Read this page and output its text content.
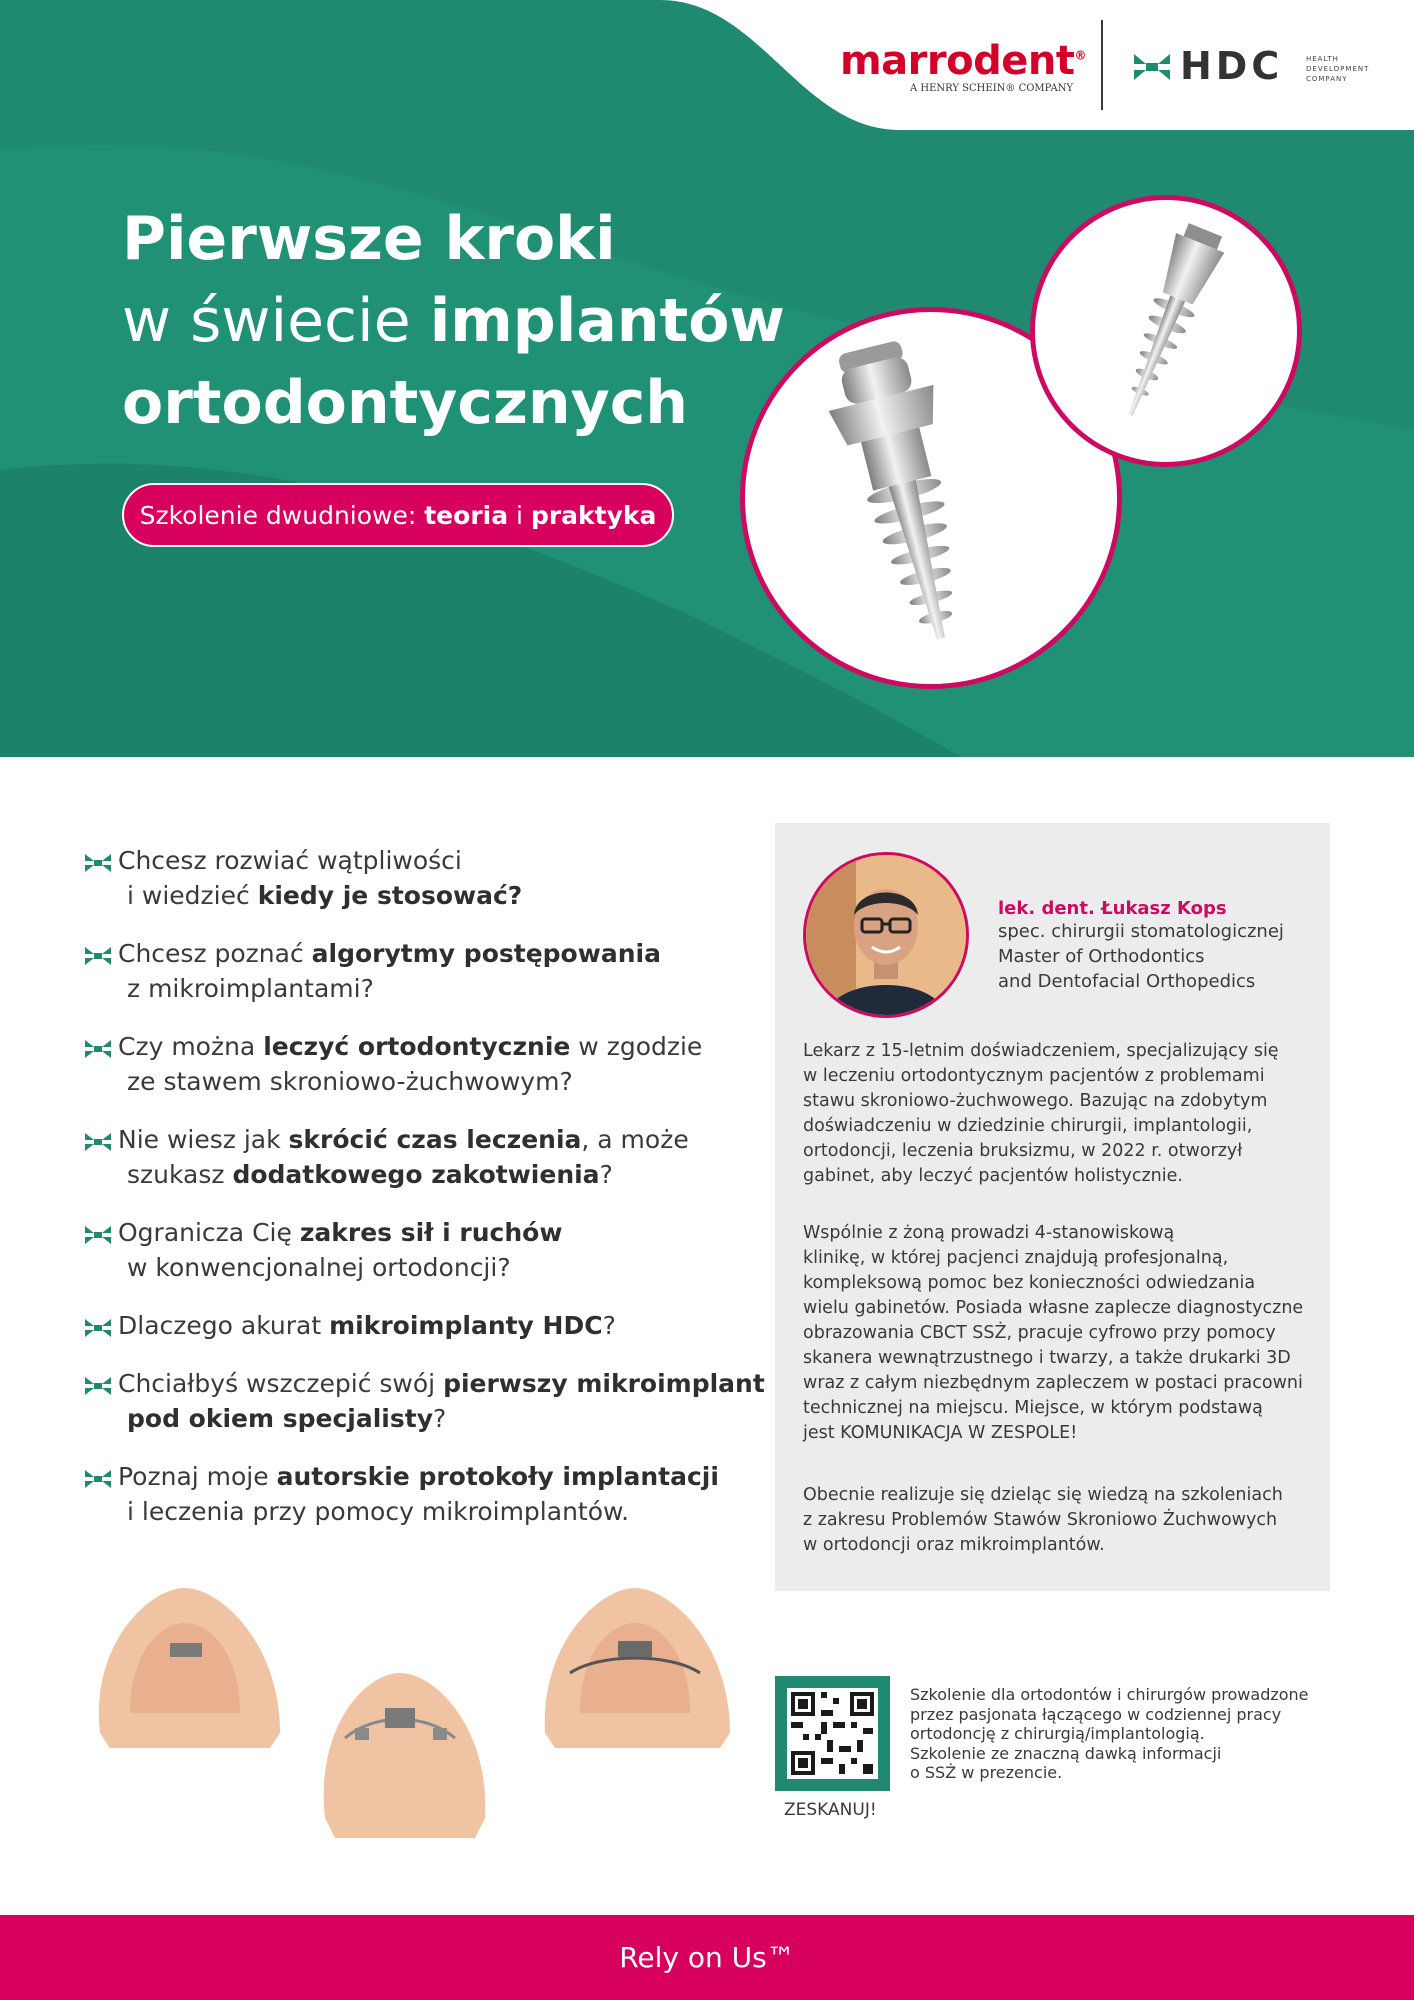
Pierwsze kroki
w świecie implantów
ortodontycznych
Szkolenie dwudniowe: teoria i praktyka
marrodent®
A HENRY SCHEIN® COMPANY
HDC	HEALTH
DEVELOPMENT
COMPANY
Chcesz rozwiać wątpliwości
i wiedzieć kiedy je stosować?
Chcesz poznać algorytmy postępowania
z mikroimplantami?
Czy można leczyć ortodontycznie w zgodzie
ze stawem skroniowo-żuchwowym?
Nie wiesz jak skrócić czas leczenia, a może
szukasz dodatkowego zakotwienia?
Ogranicza Cię zakres sił i ruchów
w konwencjonalnej ortodoncji?
Dlaczego akurat mikroimplanty HDC?
Chciałbyś wszczepić swój pierwszy mikroimplant
pod okiem specjalisty?
Poznaj moje autorskie protokoły implantacji
i leczenia przy pomocy mikroimplantów.
lek. dent. Łukasz Kops
spec. chirurgii stomatologicznej
Master of Orthodontics
and Dentofacial Orthopedics
Lekarz z 15-letnim doświadczeniem, specjalizujący się
w leczeniu ortodontycznym pacjentów z problemami
stawu skroniowo-żuchwowego. Bazując na zdobytym
doświadczeniu w dziedzinie chirurgii, implantologii,
ortodoncji, leczenia bruksizmu, w 2022 r. otworzył
gabinet, aby leczyć pacjentów holistycznie.
Wspólnie z żoną prowadzi 4-stanowiskową
klinikę, w której pacjenci znajdują profesjonalną,
kompleksową pomoc bez konieczności odwiedzania
wielu gabinetów. Posiada własne zaplecze diagnostyczne
obrazowania CBCT SSŻ, pracuje cyfrowo przy pomocy
skanera wewnątrzustnego i twarzy, a także drukarki 3D
wraz z całym niezbędnym zapleczem w postaci pracowni
technicznej na miejscu. Miejsce, w którym podstawą
jest KOMUNIKACJA W ZESPOLE!
Obecnie realizuje się dzieląc się wiedzą na szkoleniach
z zakresu Problemów Stawów Skroniowo Żuchwowych
w ortodoncji oraz mikroimplantów.
ZESKANUJ!
Szkolenie dla ortodontów i chirurgów prowadzone
przez pasjonata łączącego w codziennej pracy
ortodoncję z chirurgią/implantologią.
Szkolenie ze znaczną dawką informacji
o SSŻ w prezencie.
Rely on Us™
